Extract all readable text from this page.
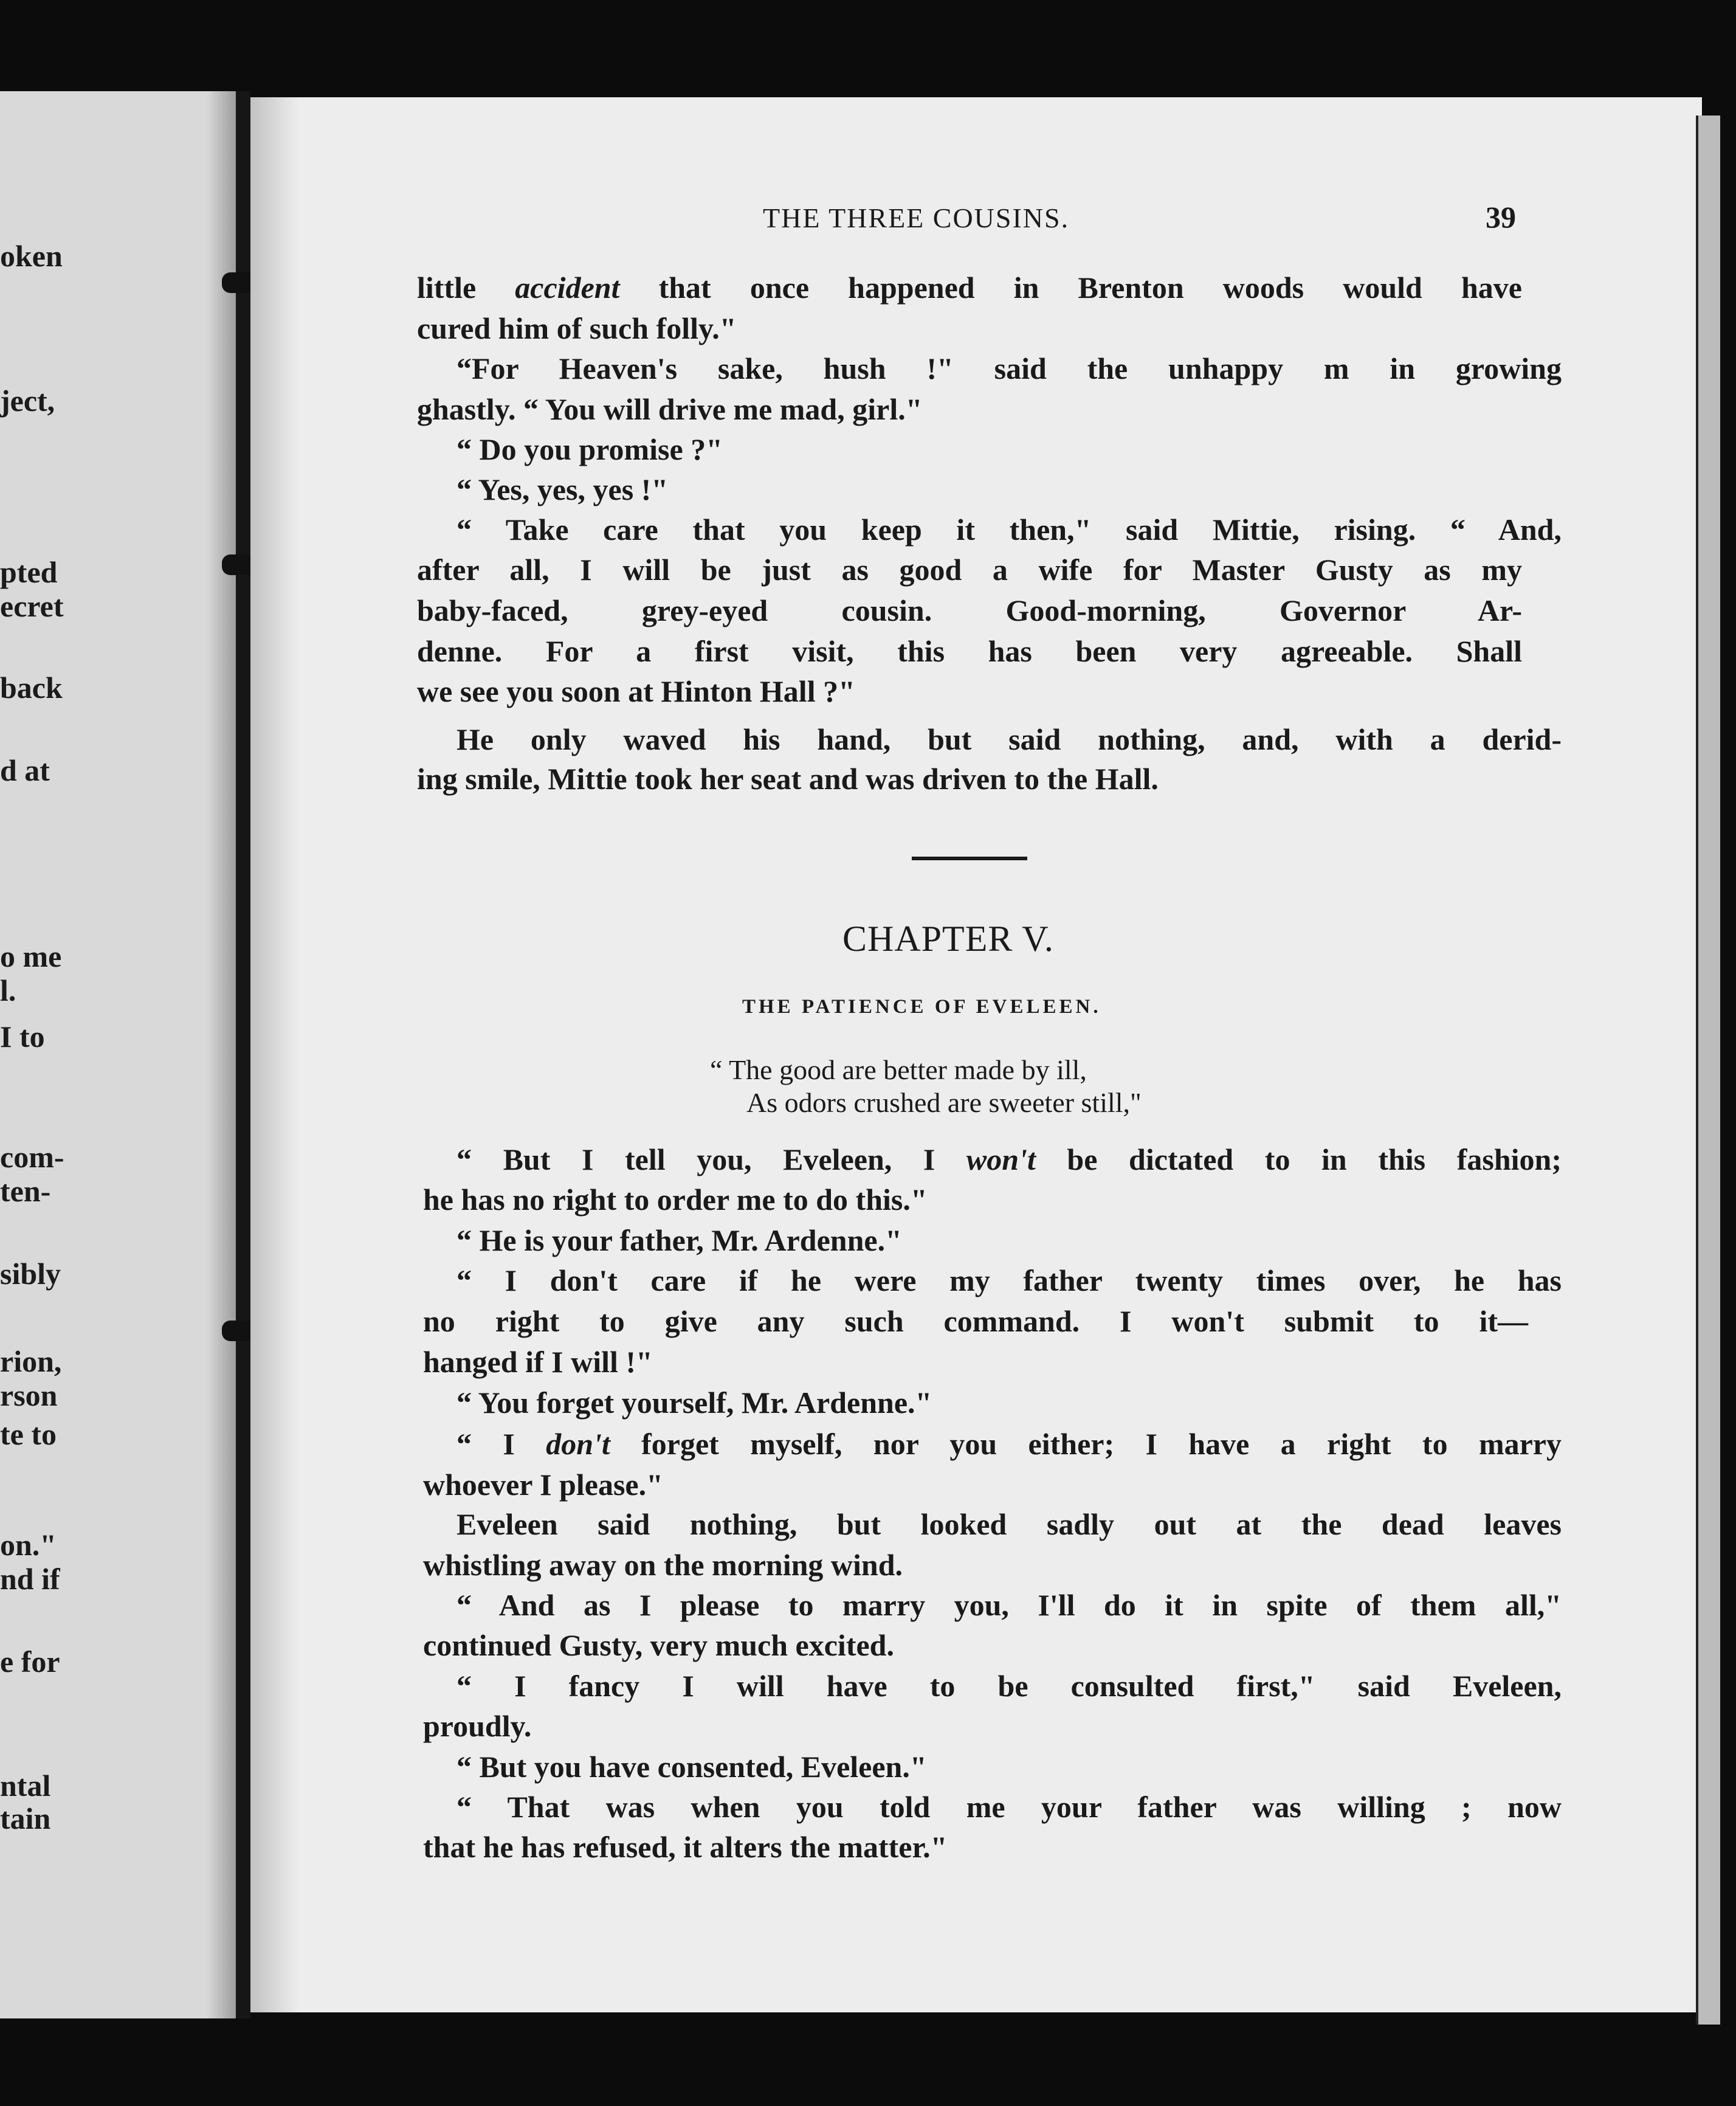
oken
ject,
pted
ecret
back
d at
o me
l.
I to
com-
ten-
sibly
rion,
rson
te to
on."
nd if
e for
ntal
tain
THE THREE COUSINS.	39
little accident that once happened in Brenton woods would have
cured him of such folly."
“For Heaven's sake, hush !" said the unhappy m in growing
ghastly. “ You will drive me mad, girl."
“ Do you promise ?"
“ Yes, yes, yes !"
“ Take care that you keep it then," said Mittie, rising. “ And,
after all, I will be just as good a wife for Master Gusty as my
baby-faced, grey-eyed cousin. Good-morning, Governor Ar-
denne. For a first visit, this has been very agreeable. Shall
we see you soon at Hinton Hall ?"
He only waved his hand, but said nothing, and, with a derid-
ing smile, Mittie took her seat and was driven to the Hall.
CHAPTER V.
THE PATIENCE OF EVELEEN.
“ The good are better made by ill,
As odors crushed are sweeter still,"
“ But I tell you, Eveleen, I won't be dictated to in this fashion;
he has no right to order me to do this."
“ He is your father, Mr. Ardenne."
“ I don't care if he were my father twenty times over, he has
no right to give any such command. I won't submit to it—
hanged if I will !"
“ You forget yourself, Mr. Ardenne."
“ I don't forget myself, nor you either; I have a right to marry
whoever I please."
Eveleen said nothing, but looked sadly out at the dead leaves
whistling away on the morning wind.
“ And as I please to marry you, I'll do it in spite of them all,"
continued Gusty, very much excited.
“ I fancy I will have to be consulted first," said Eveleen,
proudly.
“ But you have consented, Eveleen."
“ That was when you told me your father was willing ; now
that he has refused, it alters the matter."
